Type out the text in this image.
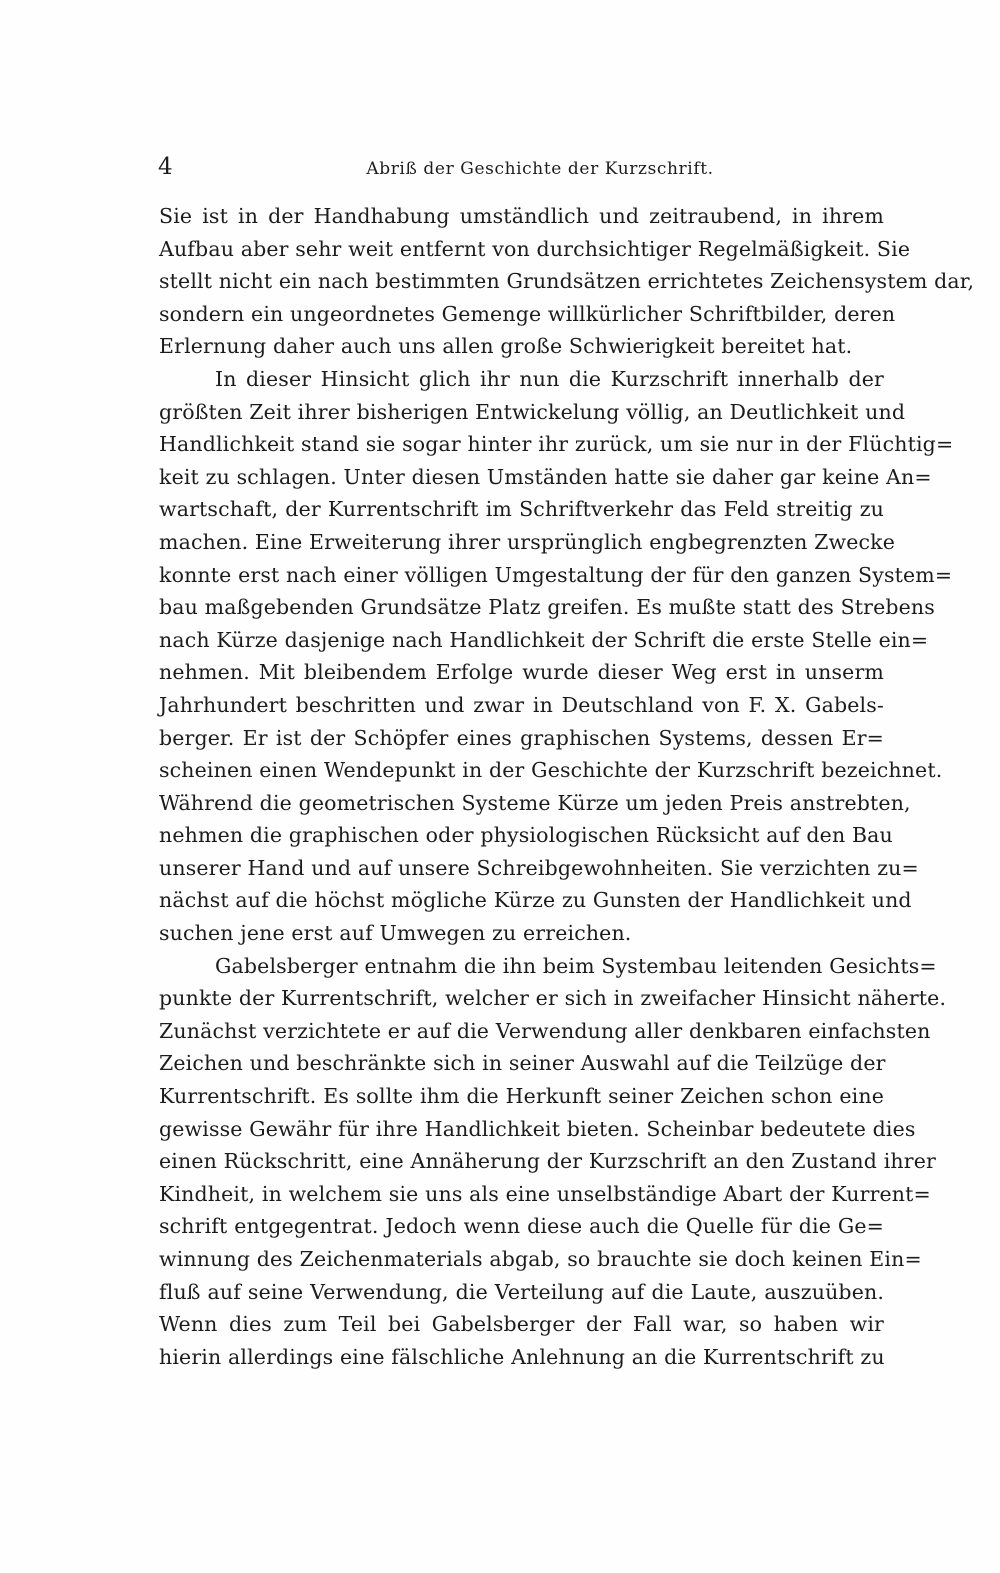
4	Abriß der Geschichte der Kurzschrift.
Sie ist in der Handhabung umständlich und zeitraubend, in ihrem
Aufbau aber sehr weit entfernt von durchsichtiger Regelmäßigkeit. Sie
stellt nicht ein nach bestimmten Grundsätzen errichtetes Zeichensystem dar,
sondern ein ungeordnetes Gemenge willkürlicher Schriftbilder, deren
Erlernung daher auch uns allen große Schwierigkeit bereitet hat.
In dieser Hinsicht glich ihr nun die Kurzschrift innerhalb der
größten Zeit ihrer bisherigen Entwickelung völlig, an Deutlichkeit und
Handlichkeit stand sie sogar hinter ihr zurück, um sie nur in der Flüchtig=
keit zu schlagen. Unter diesen Umständen hatte sie daher gar keine An=
wartschaft, der Kurrentschrift im Schriftverkehr das Feld streitig zu
machen. Eine Erweiterung ihrer ursprünglich engbegrenzten Zwecke
konnte erst nach einer völligen Umgestaltung der für den ganzen System=
bau maßgebenden Grundsätze Platz greifen. Es mußte statt des Strebens
nach Kürze dasjenige nach Handlichkeit der Schrift die erste Stelle ein=
nehmen. Mit bleibendem Erfolge wurde dieser Weg erst in unserm
Jahrhundert beschritten und zwar in Deutschland von F. X. Gabels-
berger. Er ist der Schöpfer eines graphischen Systems, dessen Er=
scheinen einen Wendepunkt in der Geschichte der Kurzschrift bezeichnet.
Während die geometrischen Systeme Kürze um jeden Preis anstrebten,
nehmen die graphischen oder physiologischen Rücksicht auf den Bau
unserer Hand und auf unsere Schreibgewohnheiten. Sie verzichten zu=
nächst auf die höchst mögliche Kürze zu Gunsten der Handlichkeit und
suchen jene erst auf Umwegen zu erreichen.
Gabelsberger entnahm die ihn beim Systembau leitenden Gesichts=
punkte der Kurrentschrift, welcher er sich in zweifacher Hinsicht näherte.
Zunächst verzichtete er auf die Verwendung aller denkbaren einfachsten
Zeichen und beschränkte sich in seiner Auswahl auf die Teilzüge der
Kurrentschrift. Es sollte ihm die Herkunft seiner Zeichen schon eine
gewisse Gewähr für ihre Handlichkeit bieten. Scheinbar bedeutete dies
einen Rückschritt, eine Annäherung der Kurzschrift an den Zustand ihrer
Kindheit, in welchem sie uns als eine unselbständige Abart der Kurrent=
schrift entgegentrat. Jedoch wenn diese auch die Quelle für die Ge=
winnung des Zeichenmaterials abgab, so brauchte sie doch keinen Ein=
fluß auf seine Verwendung, die Verteilung auf die Laute, auszuüben.
Wenn dies zum Teil bei Gabelsberger der Fall war, so haben wir
hierin allerdings eine fälschliche Anlehnung an die Kurrentschrift zu
